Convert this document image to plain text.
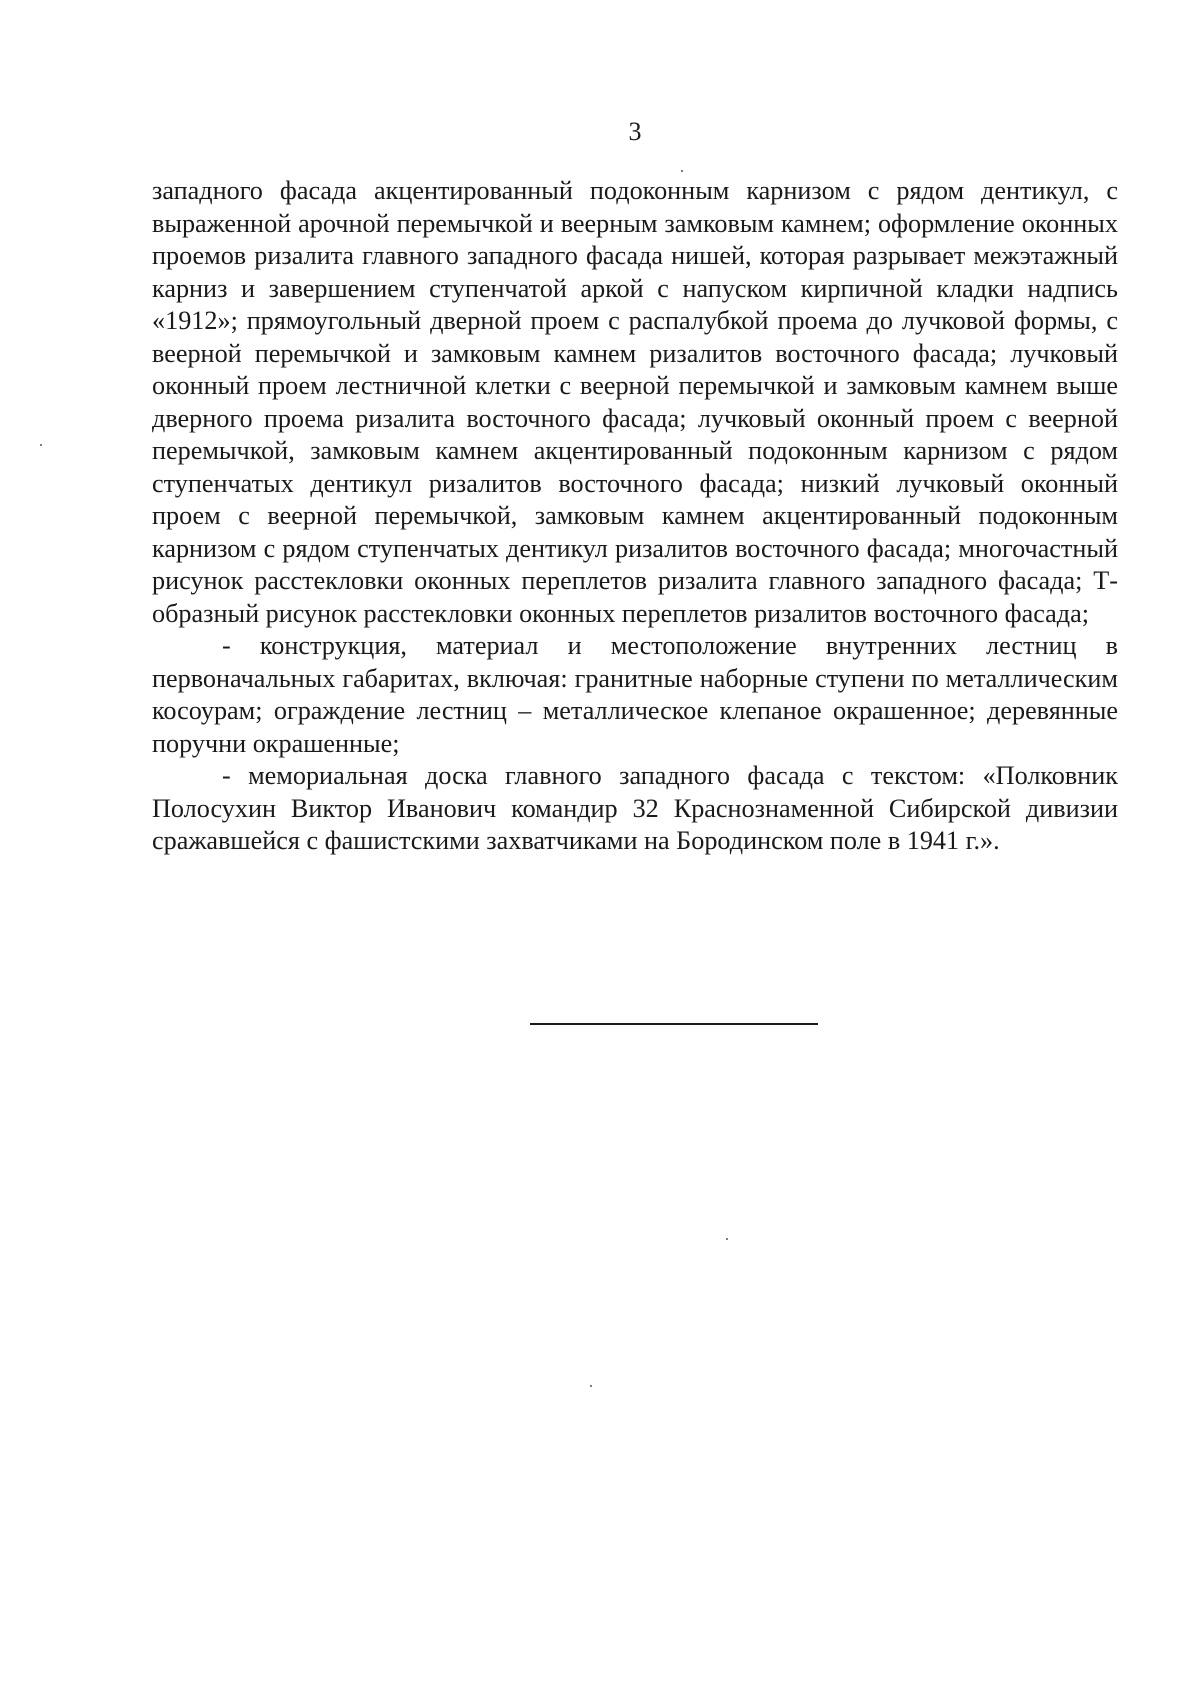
3

западного фасада акцентированный подоконным карнизом с рядом дентикул, с выраженной арочной перемычкой и веерным замковым камнем; оформление оконных проемов ризалита главного западного фасада нишей, которая разрывает межэтажный карниз и завершением ступенчатой аркой с напуском кирпичной кладки надпись «1912»; прямоугольный дверной проем с распалубкой проема до лучковой формы, с веерной перемычкой и замковым камнем ризалитов восточного фасада; лучковый оконный проем лестничной клетки с веерной перемычкой и замковым камнем выше дверного проема ризалита восточного фасада; лучковый оконный проем с веерной перемычкой, замковым камнем акцентированный подоконным карнизом с рядом ступенчатых дентикул ризалитов восточного фасада; низкий лучковый оконный проем с веерной перемычкой, замковым камнем акцентированный подоконным карнизом с рядом ступенчатых дентикул ризалитов восточного фасада; многочастный рисунок расстекловки оконных переплетов ризалита главного западного фасада; Т-образный рисунок расстекловки оконных переплетов ризалитов восточного фасада;

- конструкция, материал и местоположение внутренних лестниц в первоначальных габаритах, включая: гранитные наборные ступени по металлическим косоурам; ограждение лестниц – металлическое клепаное окрашенное; деревянные поручни окрашенные;

- мемориальная доска главного западного фасада с текстом: «Полковник Полосухин Виктор Иванович командир 32 Краснознаменной Сибирской дивизии сражавшейся с фашистскими захватчиками на Бородинском поле в 1941 г.».
